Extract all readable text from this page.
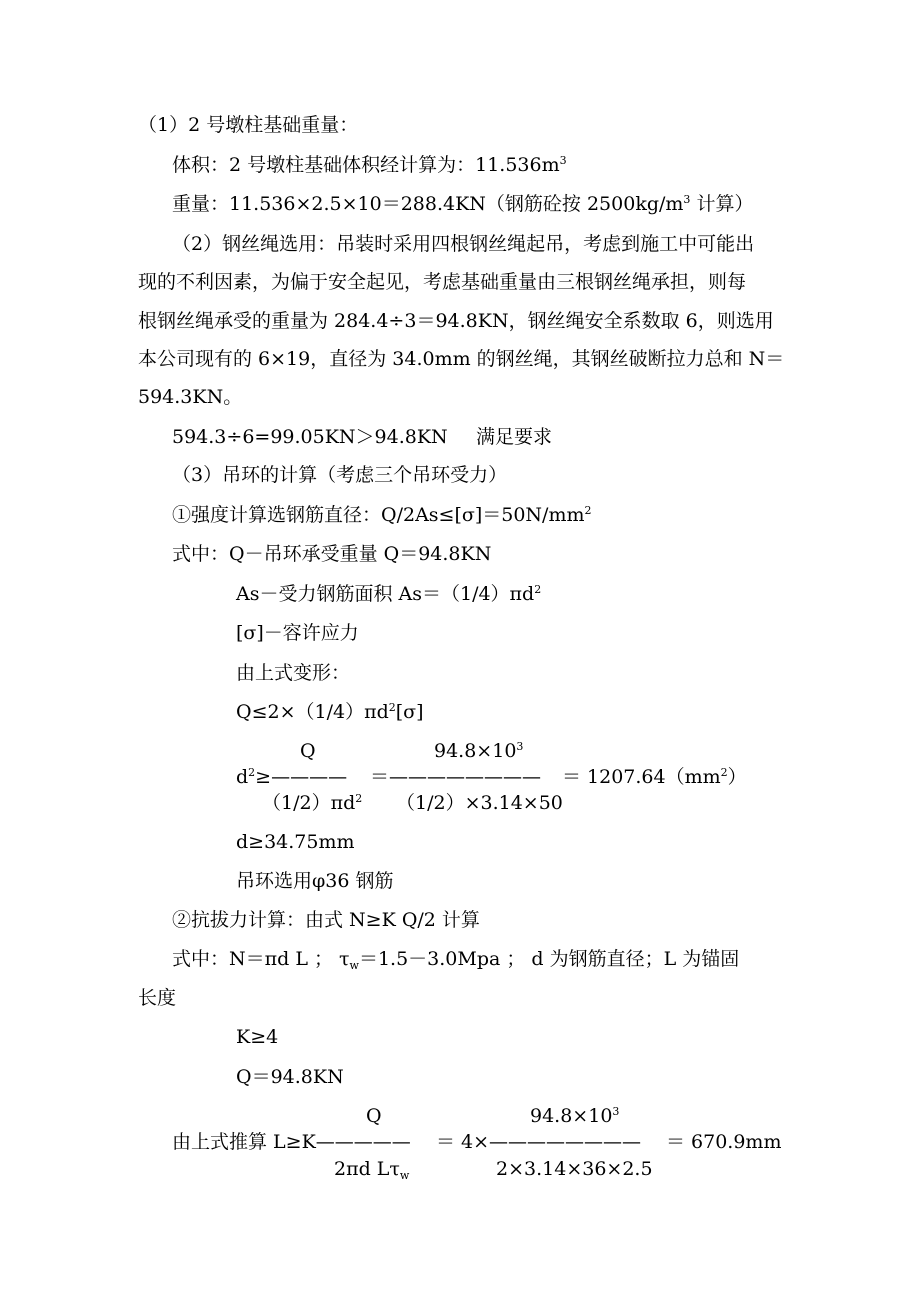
（1）2 号墩柱基础重量：
体积：2 号墩柱基础体积经计算为：$11.536m^3$
重量：11.536×2.5×10＝288.4KN（钢筋砼按 $2500kg/m^3$ 计算）
（2）钢丝绳选用：吊装时采用四根钢丝绳起吊，考虑到施工中可能出
现的不利因素，为偏于安全起见，考虑基础重量由三根钢丝绳承担，则每
根钢丝绳承受的重量为 284.4÷3＝94.8KN，钢丝绳安全系数取 6，则选用
本公司现有的 6×19，直径为 34.0mm 的钢丝绳，其钢丝破断拉力总和 N＝
594.3KN。
594.3÷6=99.05KN＞94.8KN 满足要求
（3）吊环的计算（考虑三个吊环受力）
①强度计算选钢筋直径：$Q/2As\le[\sigma]=50N/mm^2$
式中：Q－吊环承受重量 Q＝94.8KN
As－受力钢筋面积 $As=(1/4)\pi d^2$
[σ]－容许应力
由上式变形：
$Q\le 2\times(1/4)\pi d^2[\sigma]$
Q	$94.8\times 10^3$
$d^2\ge————$ ＝———————— ＝ $1207.64(mm^2)$
$(1/2)\pi d^2$ （1/2）×3.14×50
d≥34.75mm
吊环选用φ36 钢筋
②抗拔力计算：由式 N≥K Q/2 计算
式中：N＝πd L ； $\tau_w=1.5-3.0Mpa$ ； d 为钢筋直径；L 为锚固
长度
K≥4
Q＝94.8KN
Q	$94.8\times 10^3$
由上式推算 L≥K————— ＝ 4×———————— ＝ 670.9mm
2πd $L\tau_w$	2×3.14×36×2.5
